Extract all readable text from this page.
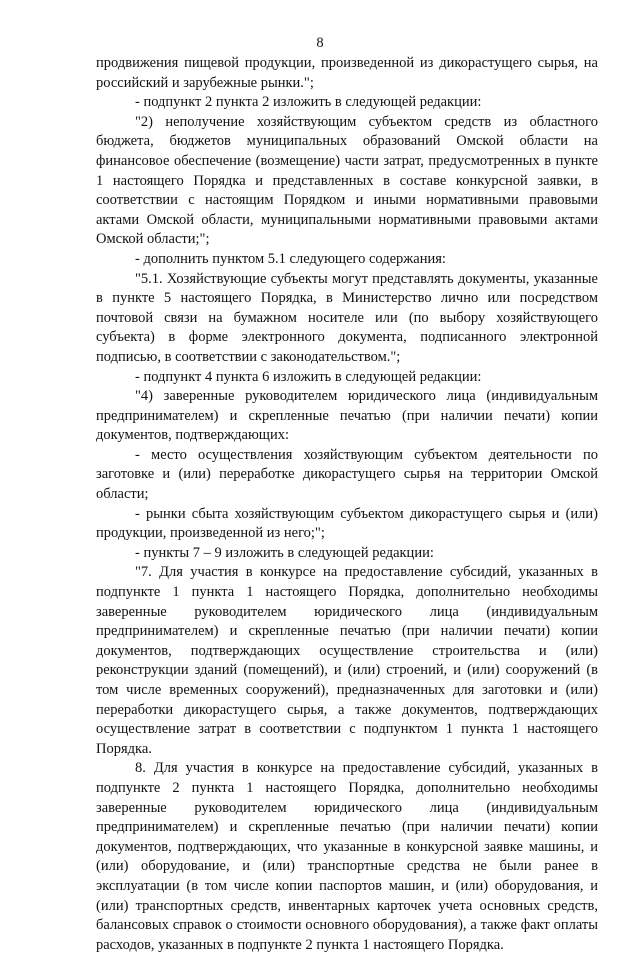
8

продвижения пищевой продукции, произведенной из дикорастущего сырья, на российский и зарубежные рынки.";

- подпункт 2 пункта 2 изложить в следующей редакции:

"2) неполучение хозяйствующим субъектом средств из областного бюджета, бюджетов муниципальных образований Омской области на финансовое обеспечение (возмещение) части затрат, предусмотренных в пункте 1 настоящего Порядка и представленных в составе конкурсной заявки, в соответствии с настоящим Порядком и иными нормативными правовыми актами Омской области, муниципальными нормативными правовыми актами Омской области;";

- дополнить пунктом 5.1 следующего содержания:

"5.1. Хозяйствующие субъекты могут представлять документы, указанные в пункте 5 настоящего Порядка, в Министерство лично или посредством почтовой связи на бумажном носителе или (по выбору хозяйствующего субъекта) в форме электронного документа, подписанного электронной подписью, в соответствии с законодательством.";

- подпункт 4 пункта 6 изложить в следующей редакции:

"4) заверенные руководителем юридического лица (индивидуальным предпринимателем) и скрепленные печатью (при наличии печати) копии документов, подтверждающих:

- место осуществления хозяйствующим субъектом деятельности по заготовке и (или) переработке дикорастущего сырья на территории Омской области;

- рынки сбыта хозяйствующим субъектом дикорастущего сырья и (или) продукции, произведенной из него;";

- пункты 7 – 9 изложить в следующей редакции:

"7. Для участия в конкурсе на предоставление субсидий, указанных в подпункте 1 пункта 1 настоящего Порядка, дополнительно необходимы заверенные руководителем юридического лица (индивидуальным предпринимателем) и скрепленные печатью (при наличии печати) копии документов, подтверждающих осуществление строительства и (или) реконструкции зданий (помещений), и (или) строений, и (или) сооружений (в том числе временных сооружений), предназначенных для заготовки и (или) переработки дикорастущего сырья, а также документов, подтверждающих осуществление затрат в соответствии с подпунктом 1 пункта 1 настоящего Порядка.

8. Для участия в конкурсе на предоставление субсидий, указанных в подпункте 2 пункта 1 настоящего Порядка, дополнительно необходимы заверенные руководителем юридического лица (индивидуальным предпринимателем) и скрепленные печатью (при наличии печати) копии документов, подтверждающих, что указанные в конкурсной заявке машины, и (или) оборудование, и (или) транспортные средства не были ранее в эксплуатации (в том числе копии паспортов машин, и (или) оборудования, и (или) транспортных средств, инвентарных карточек учета основных средств, балансовых справок о стоимости основного оборудования), а также факт оплаты расходов, указанных в подпункте 2 пункта 1 настоящего Порядка.
